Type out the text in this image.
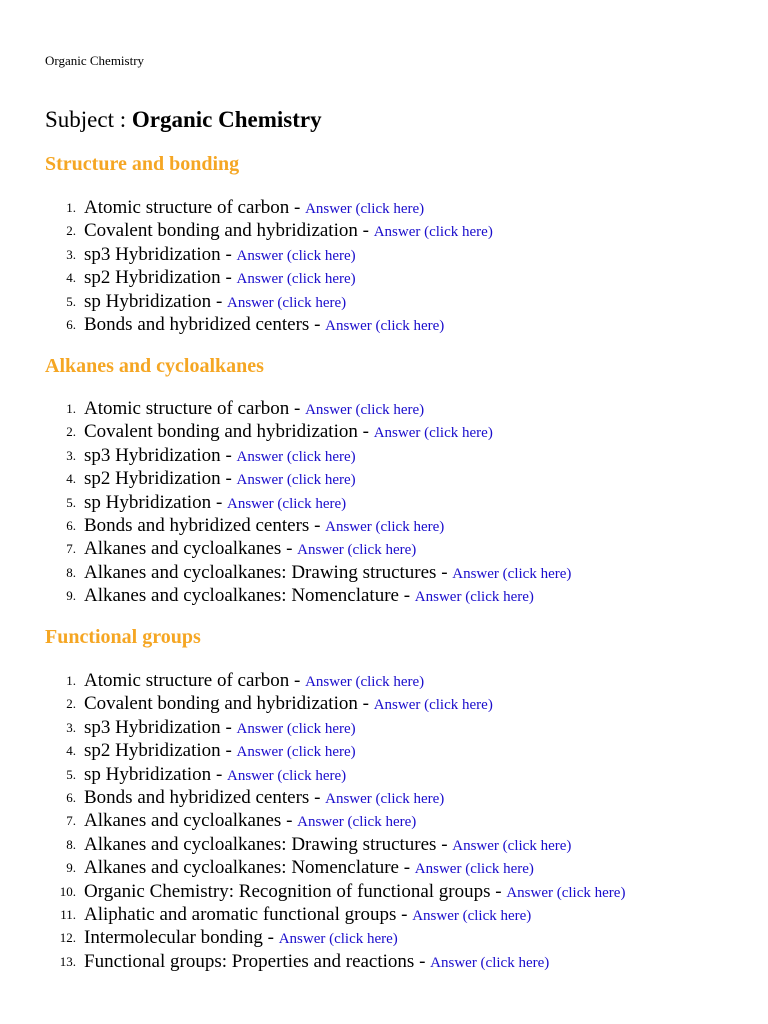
Organic Chemistry
Subject : Organic Chemistry
Structure and bonding
1. Atomic structure of carbon - Answer (click here)
2. Covalent bonding and hybridization - Answer (click here)
3. sp3 Hybridization - Answer (click here)
4. sp2 Hybridization - Answer (click here)
5. sp Hybridization - Answer (click here)
6. Bonds and hybridized centers - Answer (click here)
Alkanes and cycloalkanes
1. Atomic structure of carbon - Answer (click here)
2. Covalent bonding and hybridization - Answer (click here)
3. sp3 Hybridization - Answer (click here)
4. sp2 Hybridization - Answer (click here)
5. sp Hybridization - Answer (click here)
6. Bonds and hybridized centers - Answer (click here)
7. Alkanes and cycloalkanes - Answer (click here)
8. Alkanes and cycloalkanes: Drawing structures - Answer (click here)
9. Alkanes and cycloalkanes: Nomenclature - Answer (click here)
Functional groups
1. Atomic structure of carbon - Answer (click here)
2. Covalent bonding and hybridization - Answer (click here)
3. sp3 Hybridization - Answer (click here)
4. sp2 Hybridization - Answer (click here)
5. sp Hybridization - Answer (click here)
6. Bonds and hybridized centers - Answer (click here)
7. Alkanes and cycloalkanes - Answer (click here)
8. Alkanes and cycloalkanes: Drawing structures - Answer (click here)
9. Alkanes and cycloalkanes: Nomenclature - Answer (click here)
10. Organic Chemistry: Recognition of functional groups - Answer (click here)
11. Aliphatic and aromatic functional groups - Answer (click here)
12. Intermolecular bonding - Answer (click here)
13. Functional groups: Properties and reactions - Answer (click here)
